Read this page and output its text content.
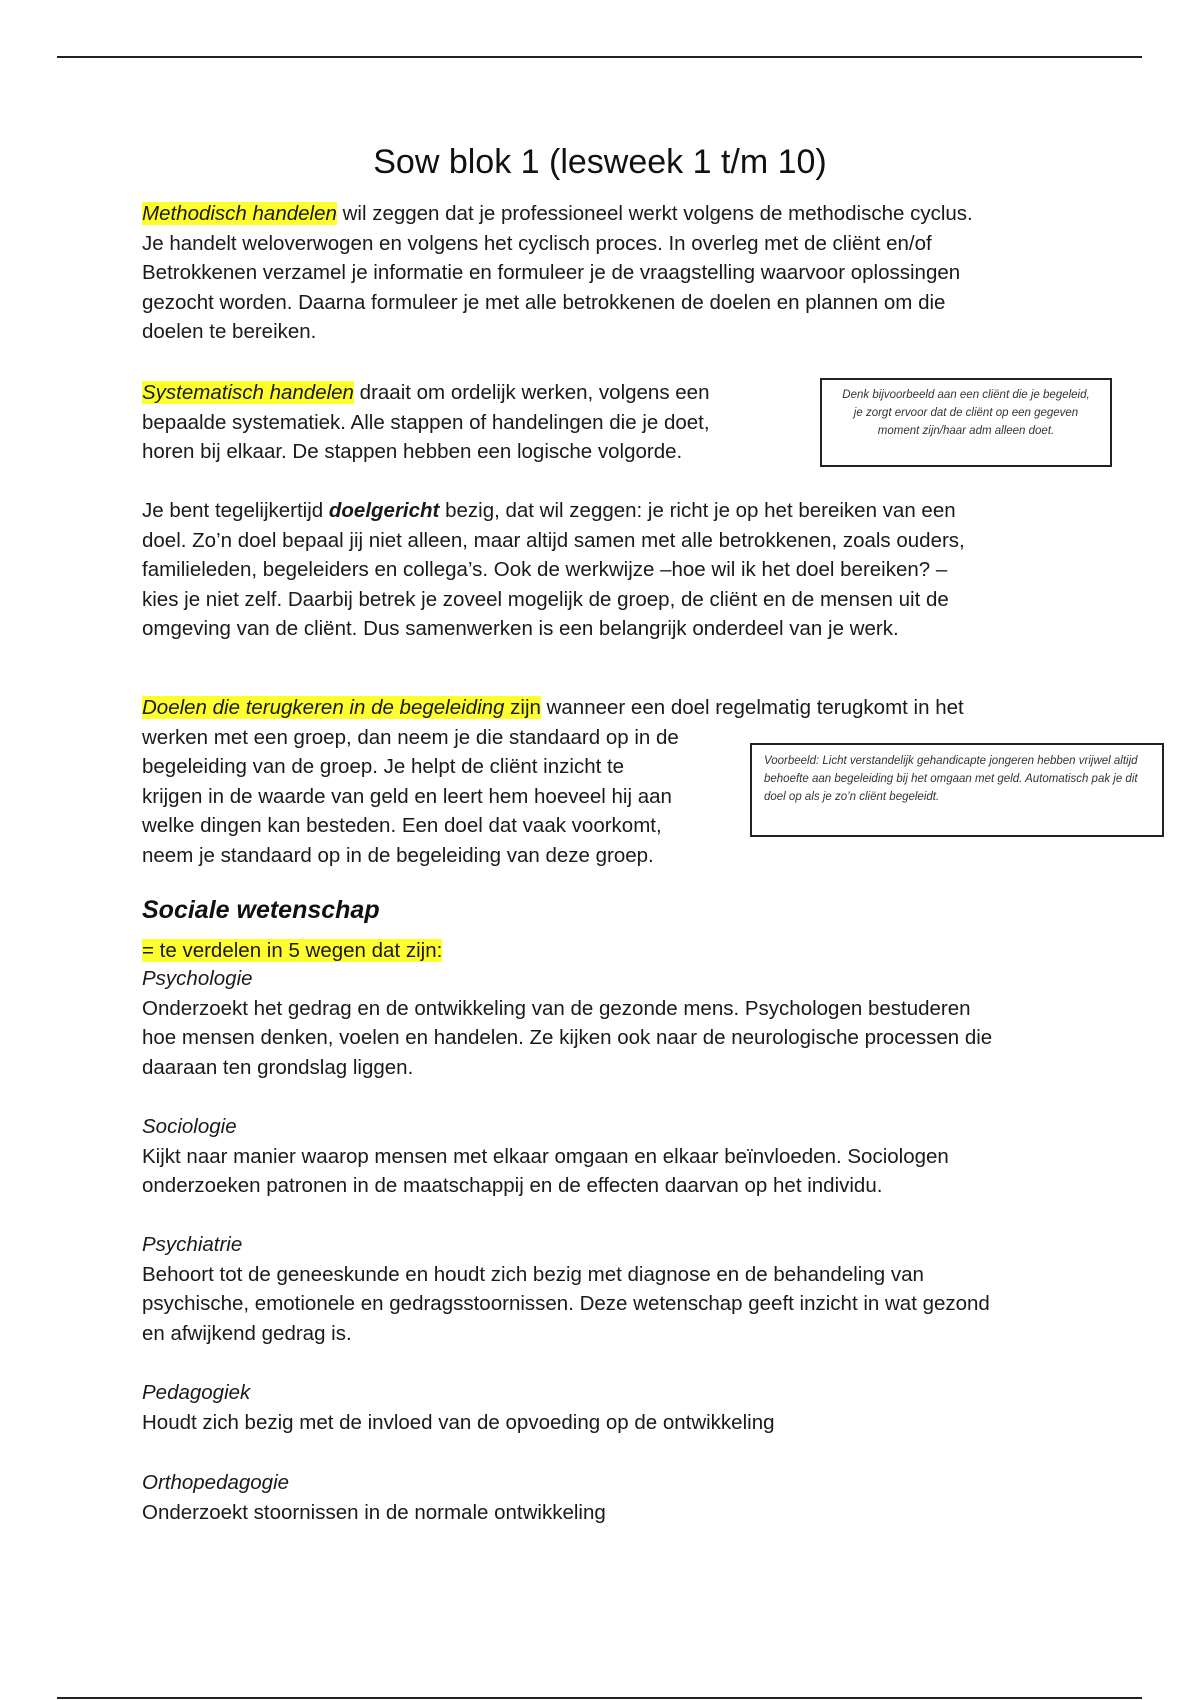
Sow blok 1 (lesweek 1 t/m 10)
Methodisch handelen wil zeggen dat je professioneel werkt volgens de methodische cyclus.
Je handelt weloverwogen en volgens het cyclisch proces. In overleg met de cliënt en/of
Betrokkenen verzamel je informatie en formuleer je de vraagstelling waarvoor oplossingen
gezocht worden. Daarna formuleer je met alle betrokkenen de doelen en plannen om die
doelen te bereiken.
Systematisch handelen draait om ordelijk werken, volgens een
bepaalde systematiek. Alle stappen of handelingen die je doet,
horen bij elkaar. De stappen hebben een logische volgorde.
Denk bijvoorbeeld aan een cliënt die je begeleid, je zorgt ervoor dat de cliënt op een gegeven moment zijn/haar adm alleen doet.
Je bent tegelijkertijd doelgericht bezig, dat wil zeggen: je richt je op het bereiken van een
doel. Zo’n doel bepaal jij niet alleen, maar altijd samen met alle betrokkenen, zoals ouders,
familieleden, begeleiders en collega’s. Ook de werkwijze –hoe wil ik het doel bereiken? –
kies je niet zelf. Daarbij betrek je zoveel mogelijk de groep, de cliënt en de mensen uit de
omgeving van de cliënt. Dus samenwerken is een belangrijk onderdeel van je werk.
Doelen die terugkeren in de begeleiding zijn wanneer een doel regelmatig terugkomt in het
werken met een groep, dan neem je die standaard op in de
begeleiding van de groep. Je helpt de cliënt inzicht te
krijgen in de waarde van geld en leert hem hoeveel hij aan
welke dingen kan besteden. Een doel dat vaak voorkomt,
neem je standaard op in de begeleiding van deze groep.
Voorbeeld: Licht verstandelijk gehandicapte jongeren hebben vrijwel altijd behoefte aan begeleiding bij het omgaan met geld. Automatisch pak je dit doel op als je zo’n cliënt begeleidt.
Sociale wetenschap
= te verdelen in 5 wegen dat zijn:
Psychologie
Onderzoekt het gedrag en de ontwikkeling van de gezonde mens. Psychologen bestuderen
hoe mensen denken, voelen en handelen. Ze kijken ook naar de neurologische processen die
daaraan ten grondslag liggen.
Sociologie
Kijkt naar manier waarop mensen met elkaar omgaan en elkaar beïnvloeden. Sociologen
onderzoeken patronen in de maatschappij en de effecten daarvan op het individu.
Psychiatrie
Behoort tot de geneeskunde en houdt zich bezig met diagnose en de behandeling van
psychische, emotionele en gedragsstoornissen. Deze wetenschap geeft inzicht in wat gezond
en afwijkend gedrag is.
Pedagogiek
Houdt zich bezig met de invloed van de opvoeding op de ontwikkeling
Orthopedagogie
Onderzoekt stoornissen in de normale ontwikkeling
